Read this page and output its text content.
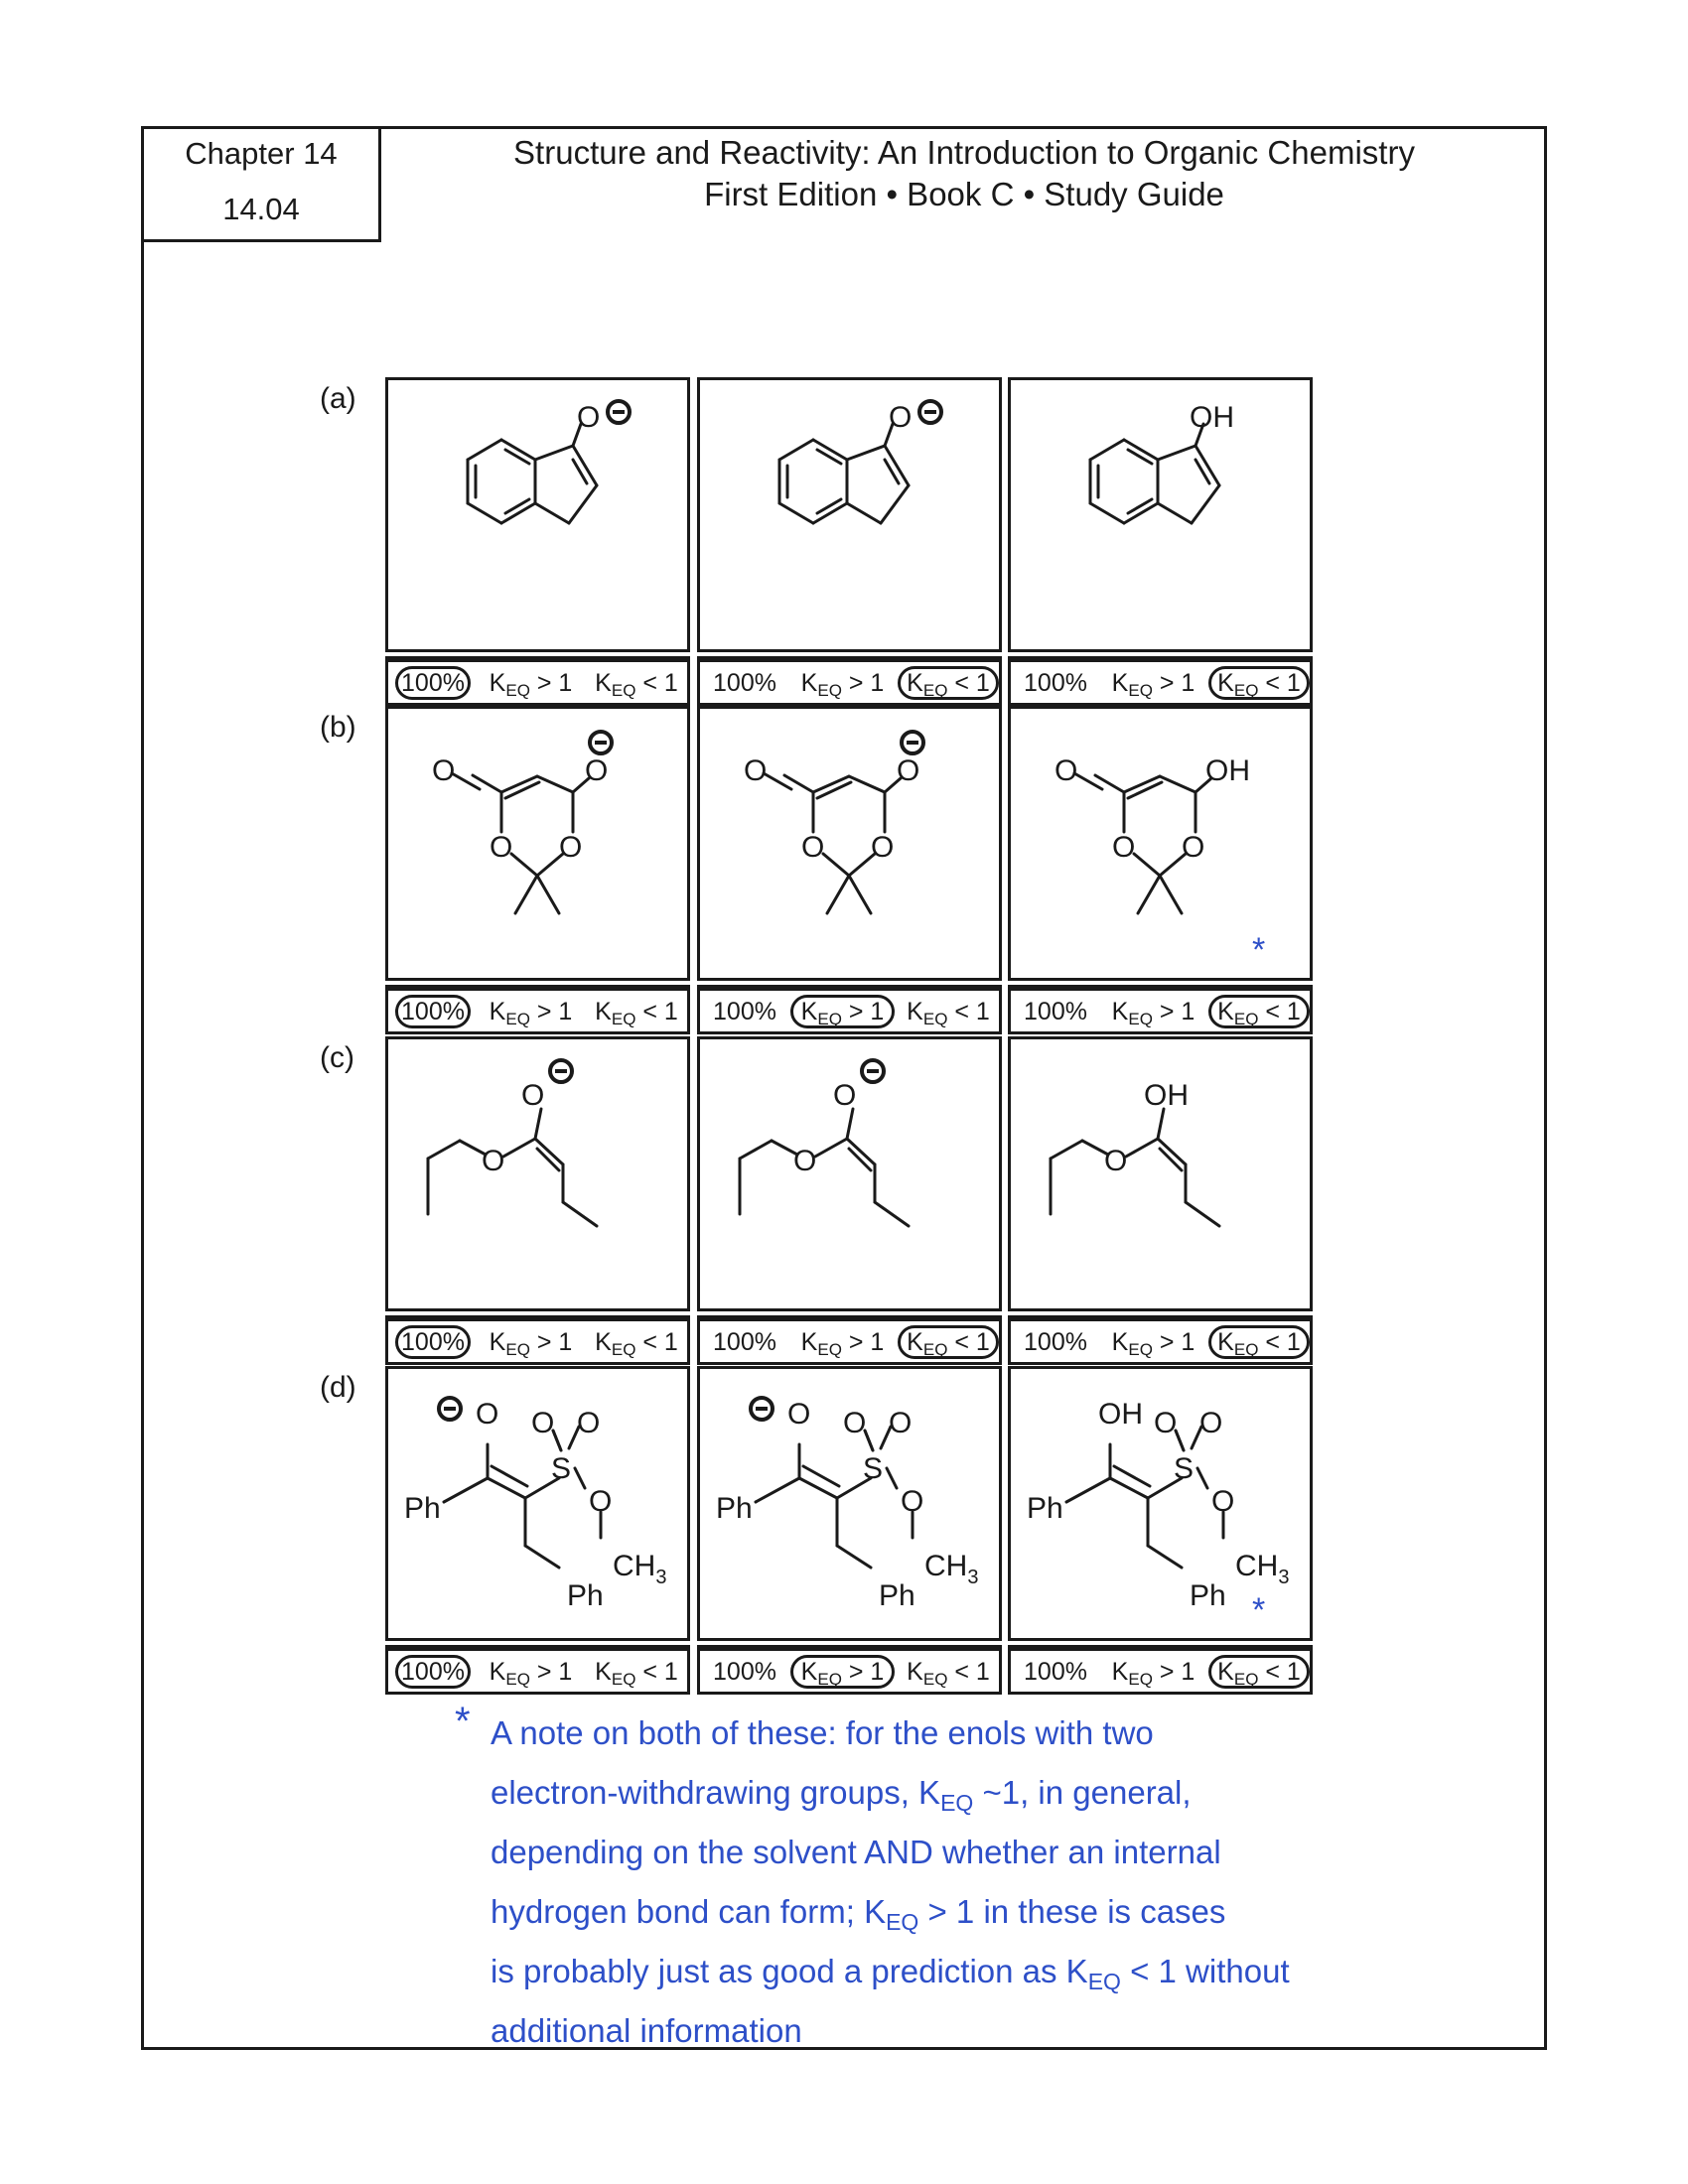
Chapter 14
14.04
Structure and Reactivity: An Introduction to Organic Chemistry
First Edition • Book C • Study Guide
(a)
O
100% $K_{EQ} > 1$ $K_{EQ} < 1$
O
100% $K_{EQ} > 1$ $K_{EQ} < 1$
OH
100% $K_{EQ} > 1$ $K_{EQ} < 1$
(b)
O
O O
O
100% $K_{EQ} > 1$ $K_{EQ} < 1$
O
O O
O
100% $K_{EQ} > 1$ $K_{EQ} < 1$
O
O O
OH
*
100% $K_{EQ} > 1$ $K_{EQ} < 1$
(c)
O
O
100% $K_{EQ} > 1$ $K_{EQ} < 1$
O
O
100% $K_{EQ} > 1$ $K_{EQ} < 1$
O
OH
100% $K_{EQ} > 1$ $K_{EQ} < 1$
(d)
O O O
S
O
Ph
Ph
$CH_3$
100% $K_{EQ} > 1$ $K_{EQ} < 1$
O O O
S
O
Ph
Ph
$CH_3$
100% $K_{EQ} > 1$ $K_{EQ} < 1$
OH O O
S
O
Ph
Ph
$CH_3$
*
100% $K_{EQ} > 1$ $K_{EQ} < 1$
* A note on both of these: for the enols with two
electron-withdrawing groups, $K_{EQ}$ ~1, in general,
depending on the solvent AND whether an internal
hydrogen bond can form; $K_{EQ} > 1$ in these is cases
is probably just as good a prediction as $K_{EQ} < 1$ without
additional information
